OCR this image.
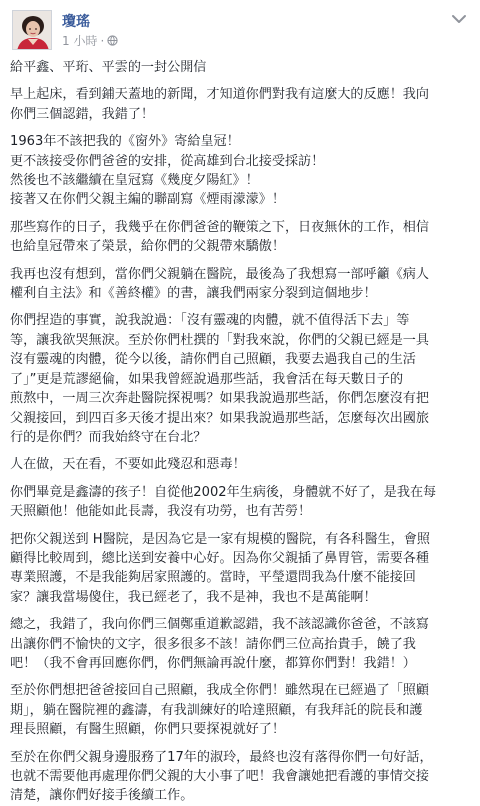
瓊瑤
1 小時 ·

給平鑫、平珩、平雲的一封公開信

早上起床，看到鋪天蓋地的新聞，才知道你們對我有這麼大的反應！我向
你們三個認錯，我錯了！

1963年不該把我的《窗外》寄給皇冠！
更不該接受你們爸爸的安排，從高雄到台北接受採訪！
然後也不該繼續在皇冠寫《幾度夕陽紅》！
接著又在你們父親主編的聯副寫《煙雨濛濛》！

那些寫作的日子，我幾乎在你們爸爸的鞭策之下，日夜無休的工作，相信
也給皇冠帶來了榮景，給你們的父親帶來驕傲！

我再也沒有想到，當你們父親躺在醫院，最後為了我想寫一部呼籲《病人
權利自主法》和《善終權》的書，讓我們兩家分裂到這個地步！

你們捏造的事實，說我說過：「沒有靈魂的肉體，就不值得活下去」等
等，讓我欲哭無淚。至於你們杜撰的「對我來說，你們的父親已經是一具
沒有靈魂的肉體，從今以後，請你們自己照顧，我要去過我自己的生活
了」”更是荒謬絕倫，如果我曾經說過那些話，我會活在每天數日子的
煎熬中，一周三次奔赴醫院探視嗎？如果我說過那些話，你們怎麼沒有把
父親接回，到四百多天後才提出來？如果我說過那些話，怎麼每次出國旅
行的是你們？而我始終守在台北？

人在做，天在看，不要如此殘忍和惡毒！

你們畢竟是鑫濤的孩子！自從他2002年生病後，身體就不好了，是我在每
天照顧他！他能如此長壽，我沒有功勞，也有苦勞！

把你父親送到 H醫院，是因為它是一家有規模的醫院，有各科醫生，會照
顧得比較周到，總比送到安養中心好。因為你父親插了鼻胃管，需要各種
專業照護，不是我能夠居家照護的。當時，平瑩還問我為什麼不能接回
家？讓我當場傻住，我已經老了，我不是神，我也不是萬能啊！

總之，我錯了，我向你們三個鄭重道歉認錯，我不該認識你爸爸，不該寫
出讓你們不愉快的文字，很多很多不該！請你們三位高抬貴手，饒了我
吧！（我不會再回應你們，你們無論再說什麼，都算你們對！我錯！）

至於你們想把爸爸接回自己照顧，我成全你們！雖然現在已經過了「照顧
期」，躺在醫院裡的鑫濤，有我訓練好的哈達照顧，有我拜託的院長和護
理長照顧，有醫生照顧，你們只要探視就好了！

至於在你們父親身邊服務了17年的淑玲，最終也沒有落得你們一句好話，
也就不需要他再處理你們父親的大小事了吧！我會讓她把看護的事情交接
清楚，讓你們好接手後續工作。
